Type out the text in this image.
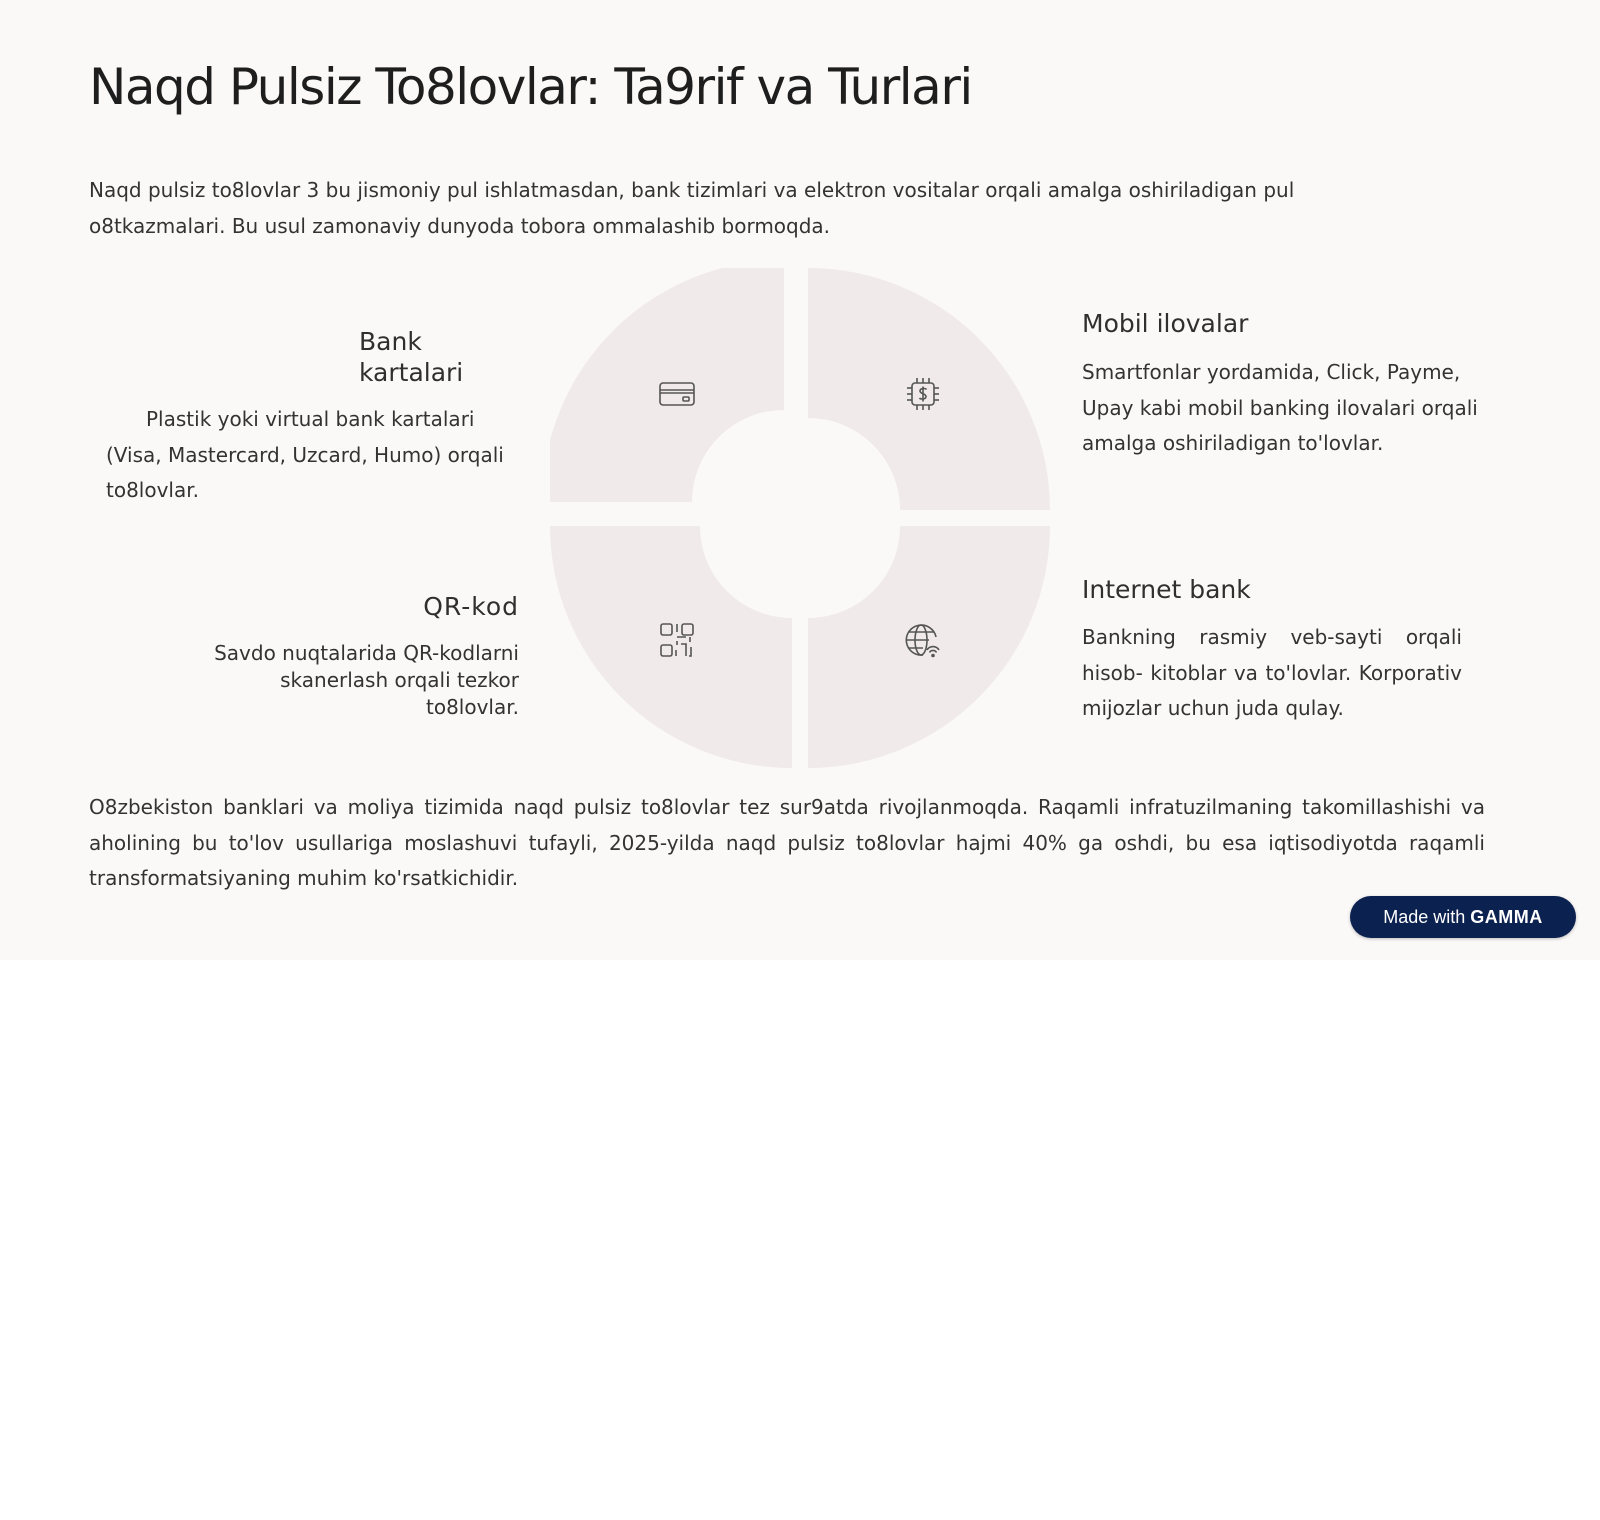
Naqd Pulsiz To8lovlar: Ta9rif va Turlari

Naqd pulsiz to8lovlar 3 bu jismoniy pul ishlatmasdan, bank tizimlari va elektron vositalar orqali amalga oshiriladigan pul o8tkazmalari. Bu usul zamonaviy dunyoda tobora ommalashib bormoqda.

Bank kartalari

Plastik yoki virtual bank kartalari (Visa, Mastercard, Uzcard, Humo) orqali to8lovlar.

QR-kod

Savdo nuqtalarida QR-kodlarni skanerlash orqali tezkor to8lovlar.

Mobil ilovalar

Smartfonlar yordamida, Click, Payme, Upay kabi mobil banking ilovalari orqali amalga oshiriladigan to'lovlar.

Internet bank

Bankning rasmiy veb-sayti orqali hisob- kitoblar va to'lovlar. Korporativ mijozlar uchun juda qulay.

O8zbekiston banklari va moliya tizimida naqd pulsiz to8lovlar tez sur9atda rivojlanmoqda. Raqamli infratuzilmaning takomillashishi va aholining bu to'lov usullariga moslashuvi tufayli, 2025-yilda naqd pulsiz to8lovlar hajmi 40% ga oshdi, bu esa iqtisodiyotda raqamli transformatsiyaning muhim ko'rsatkichidir.

Made with GAMMA
